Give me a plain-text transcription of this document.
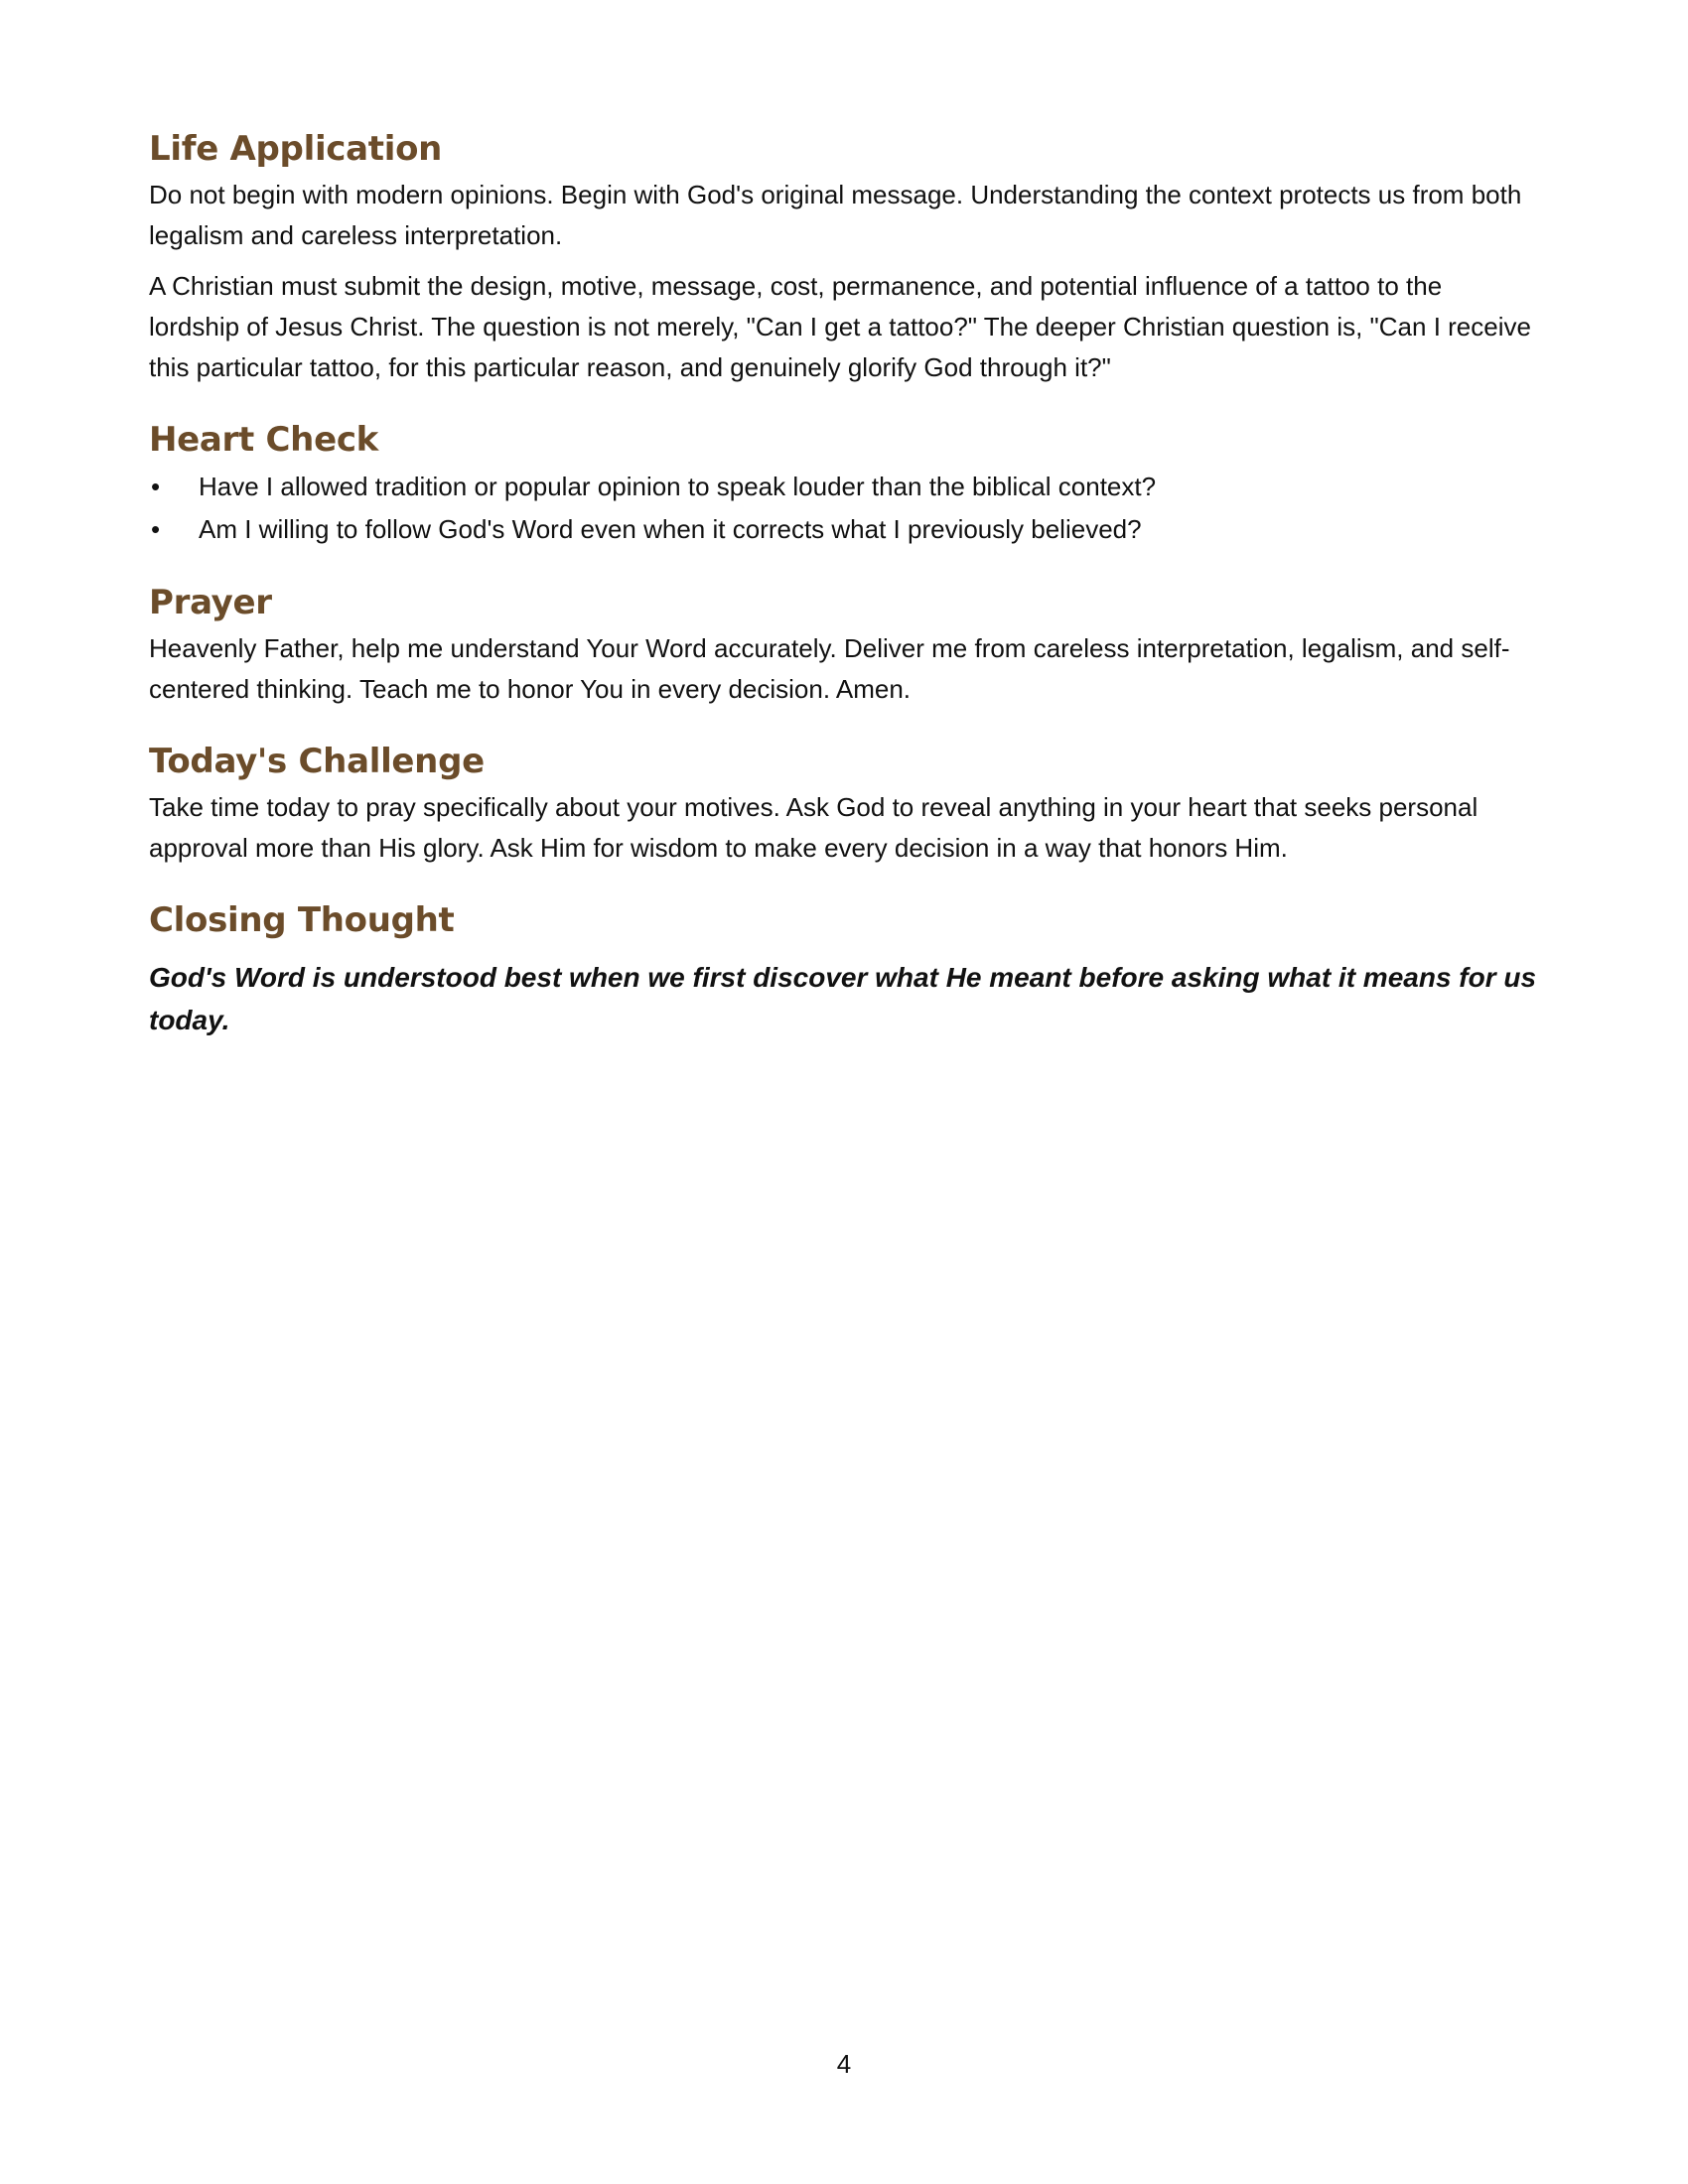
Life Application

Do not begin with modern opinions. Begin with God's original message. Understanding the context protects us from both legalism and careless interpretation.

A Christian must submit the design, motive, message, cost, permanence, and potential influence of a tattoo to the lordship of Jesus Christ. The question is not merely, "Can I get a tattoo?" The deeper Christian question is, "Can I receive this particular tattoo, for this particular reason, and genuinely glorify God through it?"

Heart Check
• Have I allowed tradition or popular opinion to speak louder than the biblical context?
• Am I willing to follow God's Word even when it corrects what I previously believed?
Prayer

Heavenly Father, help me understand Your Word accurately. Deliver me from careless interpretation, legalism, and self-centered thinking. Teach me to honor You in every decision. Amen.

Today's Challenge

Take time today to pray specifically about your motives. Ask God to reveal anything in your heart that seeks personal approval more than His glory. Ask Him for wisdom to make every decision in a way that honors Him.

Closing Thought

God's Word is understood best when we first discover what He meant before asking what it means for us today.

4
